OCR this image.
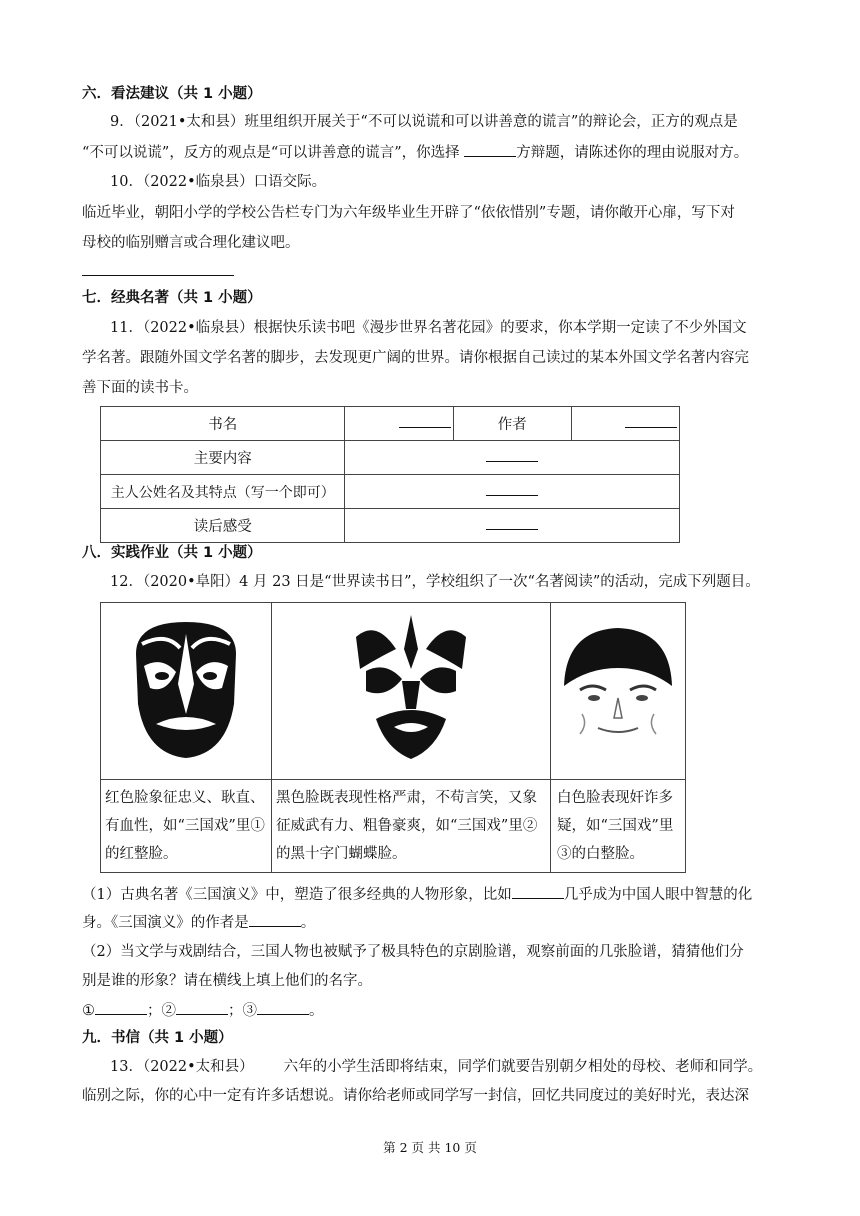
六．看法建议（共 1 小题）
9．（2021•太和县）班里组织开展关于“不可以说谎和可以讲善意的谎言”的辩论会，正方的观点是
“不可以说谎”，反方的观点是“可以讲善意的谎言”，你选择	方辩题，请陈述你的理由说服对方。
10．（2022•临泉县）口语交际。
临近毕业，朝阳小学的学校公告栏专门为六年级毕业生开辟了“依依惜别”专题，请你敞开心扉，写下对
母校的临别赠言或合理化建议吧。
七．经典名著（共 1 小题）
11．（2022•临泉县）根据快乐读书吧《漫步世界名著花园》的要求，你本学期一定读了不少外国文
学名著。跟随外国文学名著的脚步，去发现更广阔的世界。请你根据自己读过的某本外国文学名著内容完
善下面的读书卡。
书名		作者	
主要内容			
主人公姓名及其特点（写一个即可）			
读后感受			
八．实践作业（共 1 小题）
12．（2020•阜阳）4 月 23 日是“世界读书日”，学校组织了一次“名著阅读”的活动，完成下列题目。

红色脸象征忠义、耿直、有血性，如“三国戏”里①的红整脸。	黑色脸既表现性格严肃，不苟言笑，又象征威武有力、粗鲁豪爽，如“三国戏”里②的黑十字门蝴蝶脸。	白色脸表现奸诈多疑，如“三国戏”里③的白整脸。
（1）古典名著《三国演义》中，塑造了很多经典的人物形象，比如	几乎成为中国人眼中智慧的化
身。《三国演义》的作者是	。
（2）当文学与戏剧结合，三国人物也被赋予了极具特色的京剧脸谱，观察前面的几张脸谱，猜猜他们分
别是谁的形象？请在横线上填上他们的名字。
①	；②	；③	。
九．书信（共 1 小题）
13．（2022•太和县） 六年的小学生活即将结束，同学们就要告别朝夕相处的母校、老师和同学。
临别之际，你的心中一定有许多话想说。请你给老师或同学写一封信，回忆共同度过的美好时光，表达深
第 2 页 共 10 页
